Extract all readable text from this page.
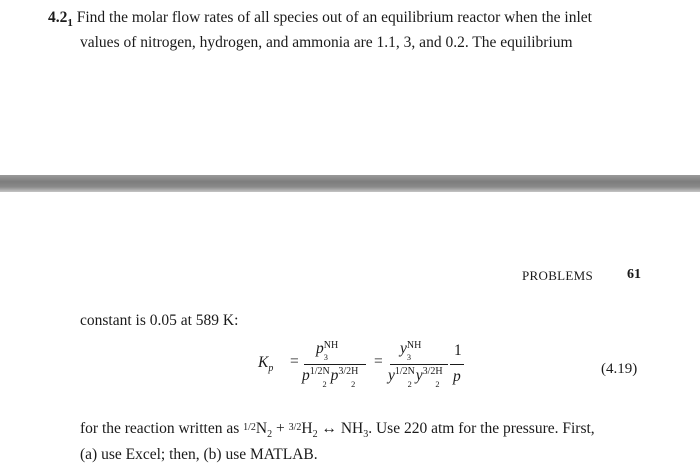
$4.2_1$ Find the molar flow rates of all species out of an equilibrium reactor when the inlet
values of nitrogen, hydrogen, and ammonia are 1.1, 3, and 0.2. The equilibrium
PROBLEMS 61
constant is 0.05 at 589 K:
$K_p$ =
p $_{NH _3}$
$p^{1/2}$ $_{N _2}$ $p^{3/2}$ $_{H _2}$
=
y $_{NH _3}$
$y^{1/2}$ $_{N _2}$ $y^{3/2}$ $_{H _2}$
1
p	(4.19)
for the reaction written as $1/2N_2 + 3/2H_2$ ↔ $NH_3$. Use 220 atm for the pressure. First,
(a) use Excel; then, (b) use MATLAB.
